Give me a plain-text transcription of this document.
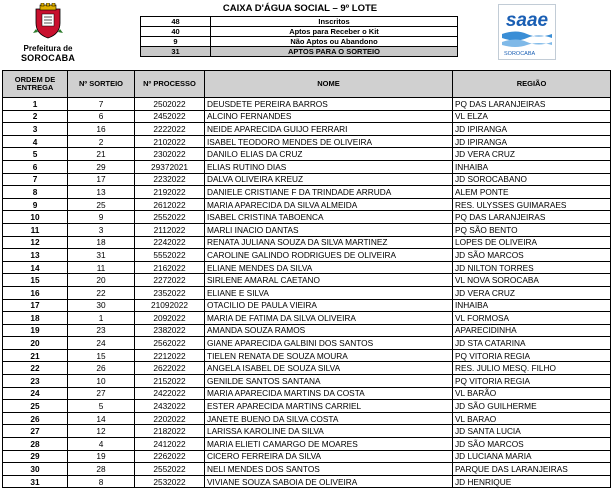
Prefeitura de
SOROCABA
CAIXA D'ÁGUA SOCIAL – 9º LOTE
48	Inscritos
40	Aptos para Receber o Kit
9	Não Aptos ou Abandono
31	APTOS PARA O SORTEIO
saae
SOROCABA
ORDEM DE ENTREGA	Nº SORTEIO	Nº PROCESSO	NOME	REGIÃO
1	7	2502022	DEUSDETE PEREIRA BARROS	PQ DAS LARANJEIRAS
2	6	2452022	ALCINO FERNANDES	VL ELZA
3	16	2222022	NEIDE APARECIDA GUIJO FERRARI	JD IPIRANGA
4	2	2102022	ISABEL TEODORO MENDES DE OLIVEIRA	JD IPIRANGA
5	21	2302022	DANILO ELIAS DA CRUZ	JD VERA CRUZ
6	29	29372021	ELIAS RUTINO DIAS	INHAIBA
7	17	2232022	DALVA OLIVEIRA KREUZ	JD SOROCABANO
8	13	2192022	DANIELE CRISTIANE F DA TRINDADE ARRUDA	ALEM PONTE
9	25	2612022	MARIA APARECIDA DA SILVA ALMEIDA	RES. ULYSSES GUIMARAES
10	9	2552022	ISABEL CRISTINA TABOENCA	PQ DAS LARANJEIRAS
11	3	2112022	MARLI INACIO DANTAS	PQ SÃO BENTO
12	18	2242022	RENATA JULIANA SOUZA DA SILVA MARTINEZ	LOPES DE OLIVEIRA
13	31	5552022	CAROLINE GALINDO RODRIGUES DE OLIVEIRA	JD SÃO MARCOS
14	11	2162022	ELIANE MENDES DA SILVA	JD NILTON TORRES
15	20	2272022	SIRLENE AMARAL CAETANO	VL NOVA SOROCABA
16	22	2352022	ELIANE E SILVA	JD VERA CRUZ
17	30	21092022	OTACILIO DE PAULA VIEIRA	INHAIBA
18	1	2092022	MARIA DE FATIMA DA SILVA OLIVEIRA	VL FORMOSA
19	23	2382022	AMANDA SOUZA RAMOS	APARECIDINHA
20	24	2562022	GIANE APARECIDA GALBINI DOS SANTOS	JD STA CATARINA
21	15	2212022	TIELEN RENATA DE SOUZA MOURA	PQ VITORIA REGIA
22	26	2622022	ANGELA ISABEL DE SOUZA SILVA	RES. JULIO MESQ. FILHO
23	10	2152022	GENILDE SANTOS SANTANA	PQ VITORIA REGIA
24	27	2422022	MARIA APARECIDA MARTINS DA COSTA	VL BARÃO
25	5	2432022	ESTER APARECIDA MARTINS CARRIEL	JD SÃO GUILHERME
26	14	2202022	JANETE BUENO DA SILVA COSTA	VL BARAO
27	12	2182022	LARISSA KAROLINE DA SILVA	JD SANTA LUCIA
28	4	2412022	MARIA ELIETI CAMARGO DE MOARES	JD SÃO MARCOS
29	19	2262022	CICERO FERREIRA DA SILVA	JD LUCIANA MARIA
30	28	2552022	NELI MENDES DOS SANTOS	PARQUE DAS LARANJEIRAS
31	8	2532022	VIVIANE SOUZA SABOIA DE OLIVEIRA	JD HENRIQUE
